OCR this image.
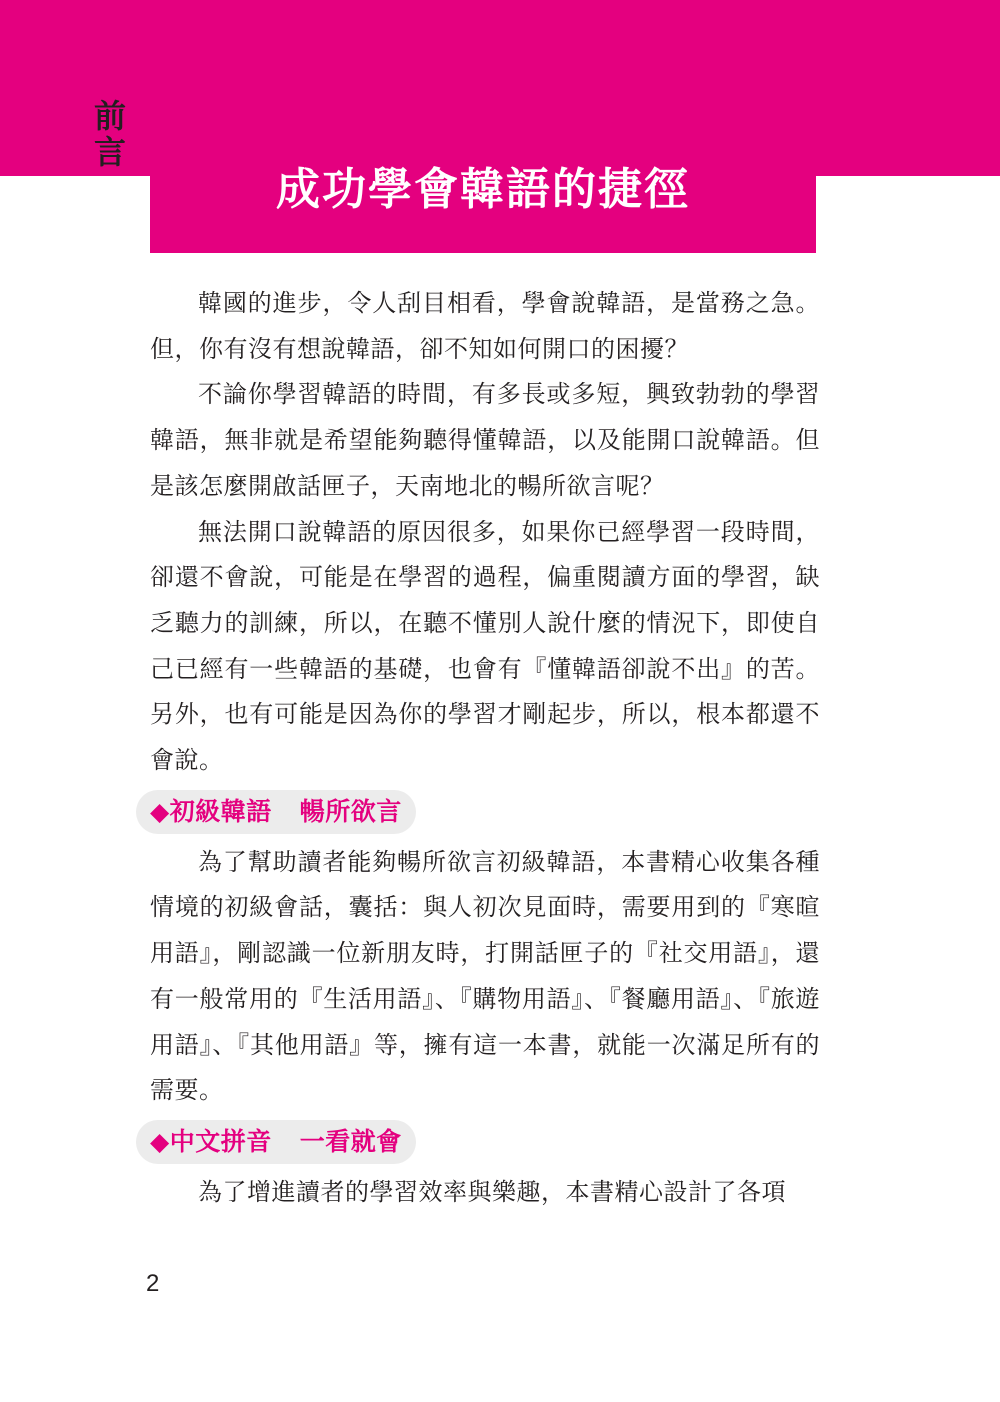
前
言
成功學會韓語的捷徑

韓國的進步，令人刮目相看，學會說韓語，是當務之急。但，你有沒有想說韓語，卻不知如何開口的困擾？

不論你學習韓語的時間，有多長或多短，興致勃勃的學習韓語，無非就是希望能夠聽得懂韓語，以及能開口說韓語。但是該怎麼開啟話匣子，天南地北的暢所欲言呢？

無法開口說韓語的原因很多，如果你已經學習一段時間，卻還不會說，可能是在學習的過程，偏重閱讀方面的學習，缺乏聽力的訓練，所以，在聽不懂別人說什麼的情況下，即使自己已經有一些韓語的基礎，也會有『懂韓語卻說不出』的苦。另外，也有可能是因為你的學習才剛起步，所以，根本都還不會說。

◆初級韓語 暢所欲言

為了幫助讀者能夠暢所欲言初級韓語，本書精心收集各種情境的初級會話，囊括：與人初次見面時，需要用到的『寒暄用語』，剛認識一位新朋友時，打開話匣子的『社交用語』，還有一般常用的『生活用語』、『購物用語』、『餐廳用語』、『旅遊用語』、『其他用語』等，擁有這一本書，就能一次滿足所有的需要。

◆中文拼音 一看就會

為了增進讀者的學習效率與樂趣，本書精心設計了各項

2
